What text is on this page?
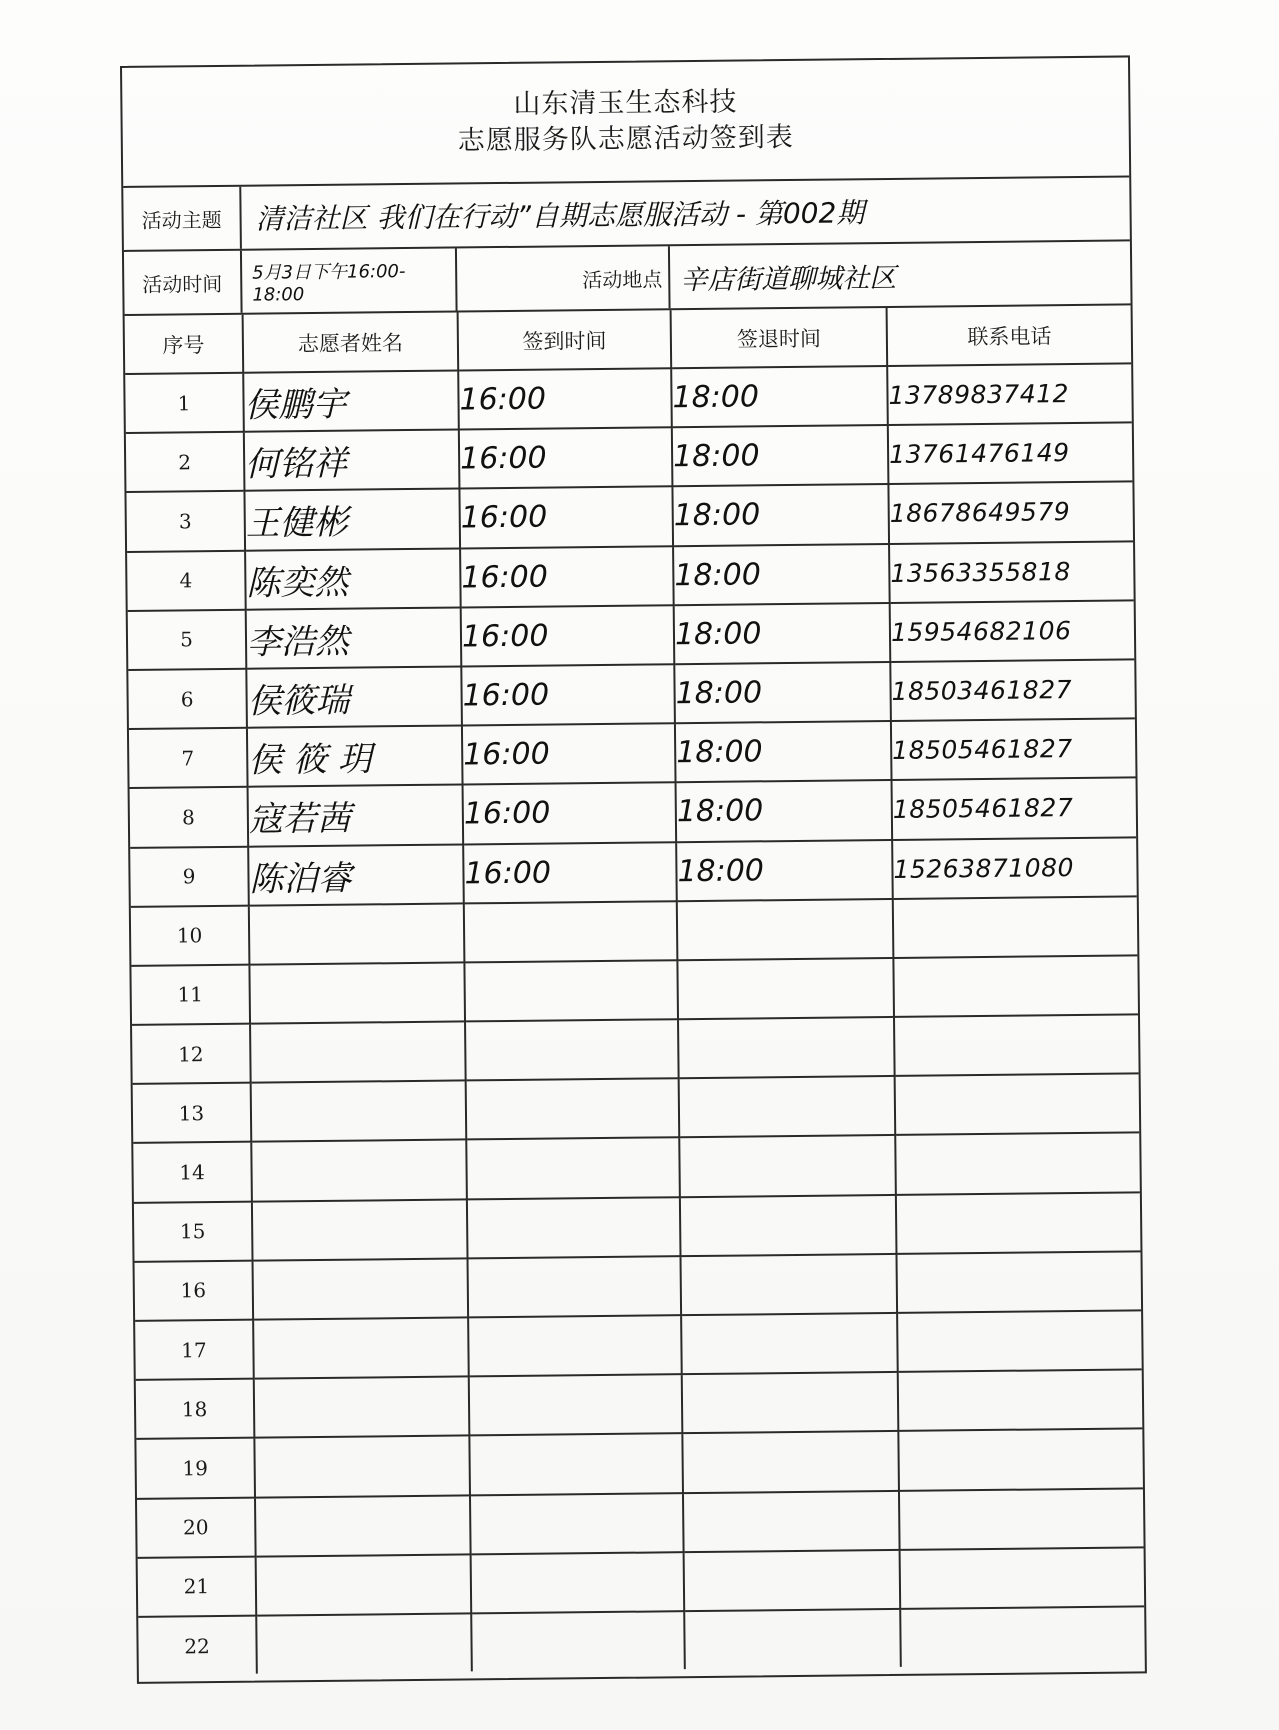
山东清玉生态科技
志愿服务队志愿活动签到表
活动主题	清洁社区 我们在行动”自期志愿服活动 - 第002期
活动时间	5月3日下午16:00-18:00
活动地点 辛店街道聊城社区
序号	志愿者姓名	签到时间	签退时间	联系电话
1	侯鹏宇	16:00	18:00	13789837412
2	何铭祥	16:00	18:00	13761476149
3	王健彬	16:00	18:00	18678649579
4	陈奕然	16:00	18:00	13563355818
5	李浩然	16:00	18:00	15954682106
6	侯筱瑞	16:00	18:00	18503461827
7	侯 筱 玥	16:00	18:00	18505461827
8	寇若茜	16:00	18:00	18505461827
9	陈泊睿	16:00	18:00	15263871080
10				
11				
12				
13				
14				
15				
16				
17				
18				
19				
20				
21				
22				
